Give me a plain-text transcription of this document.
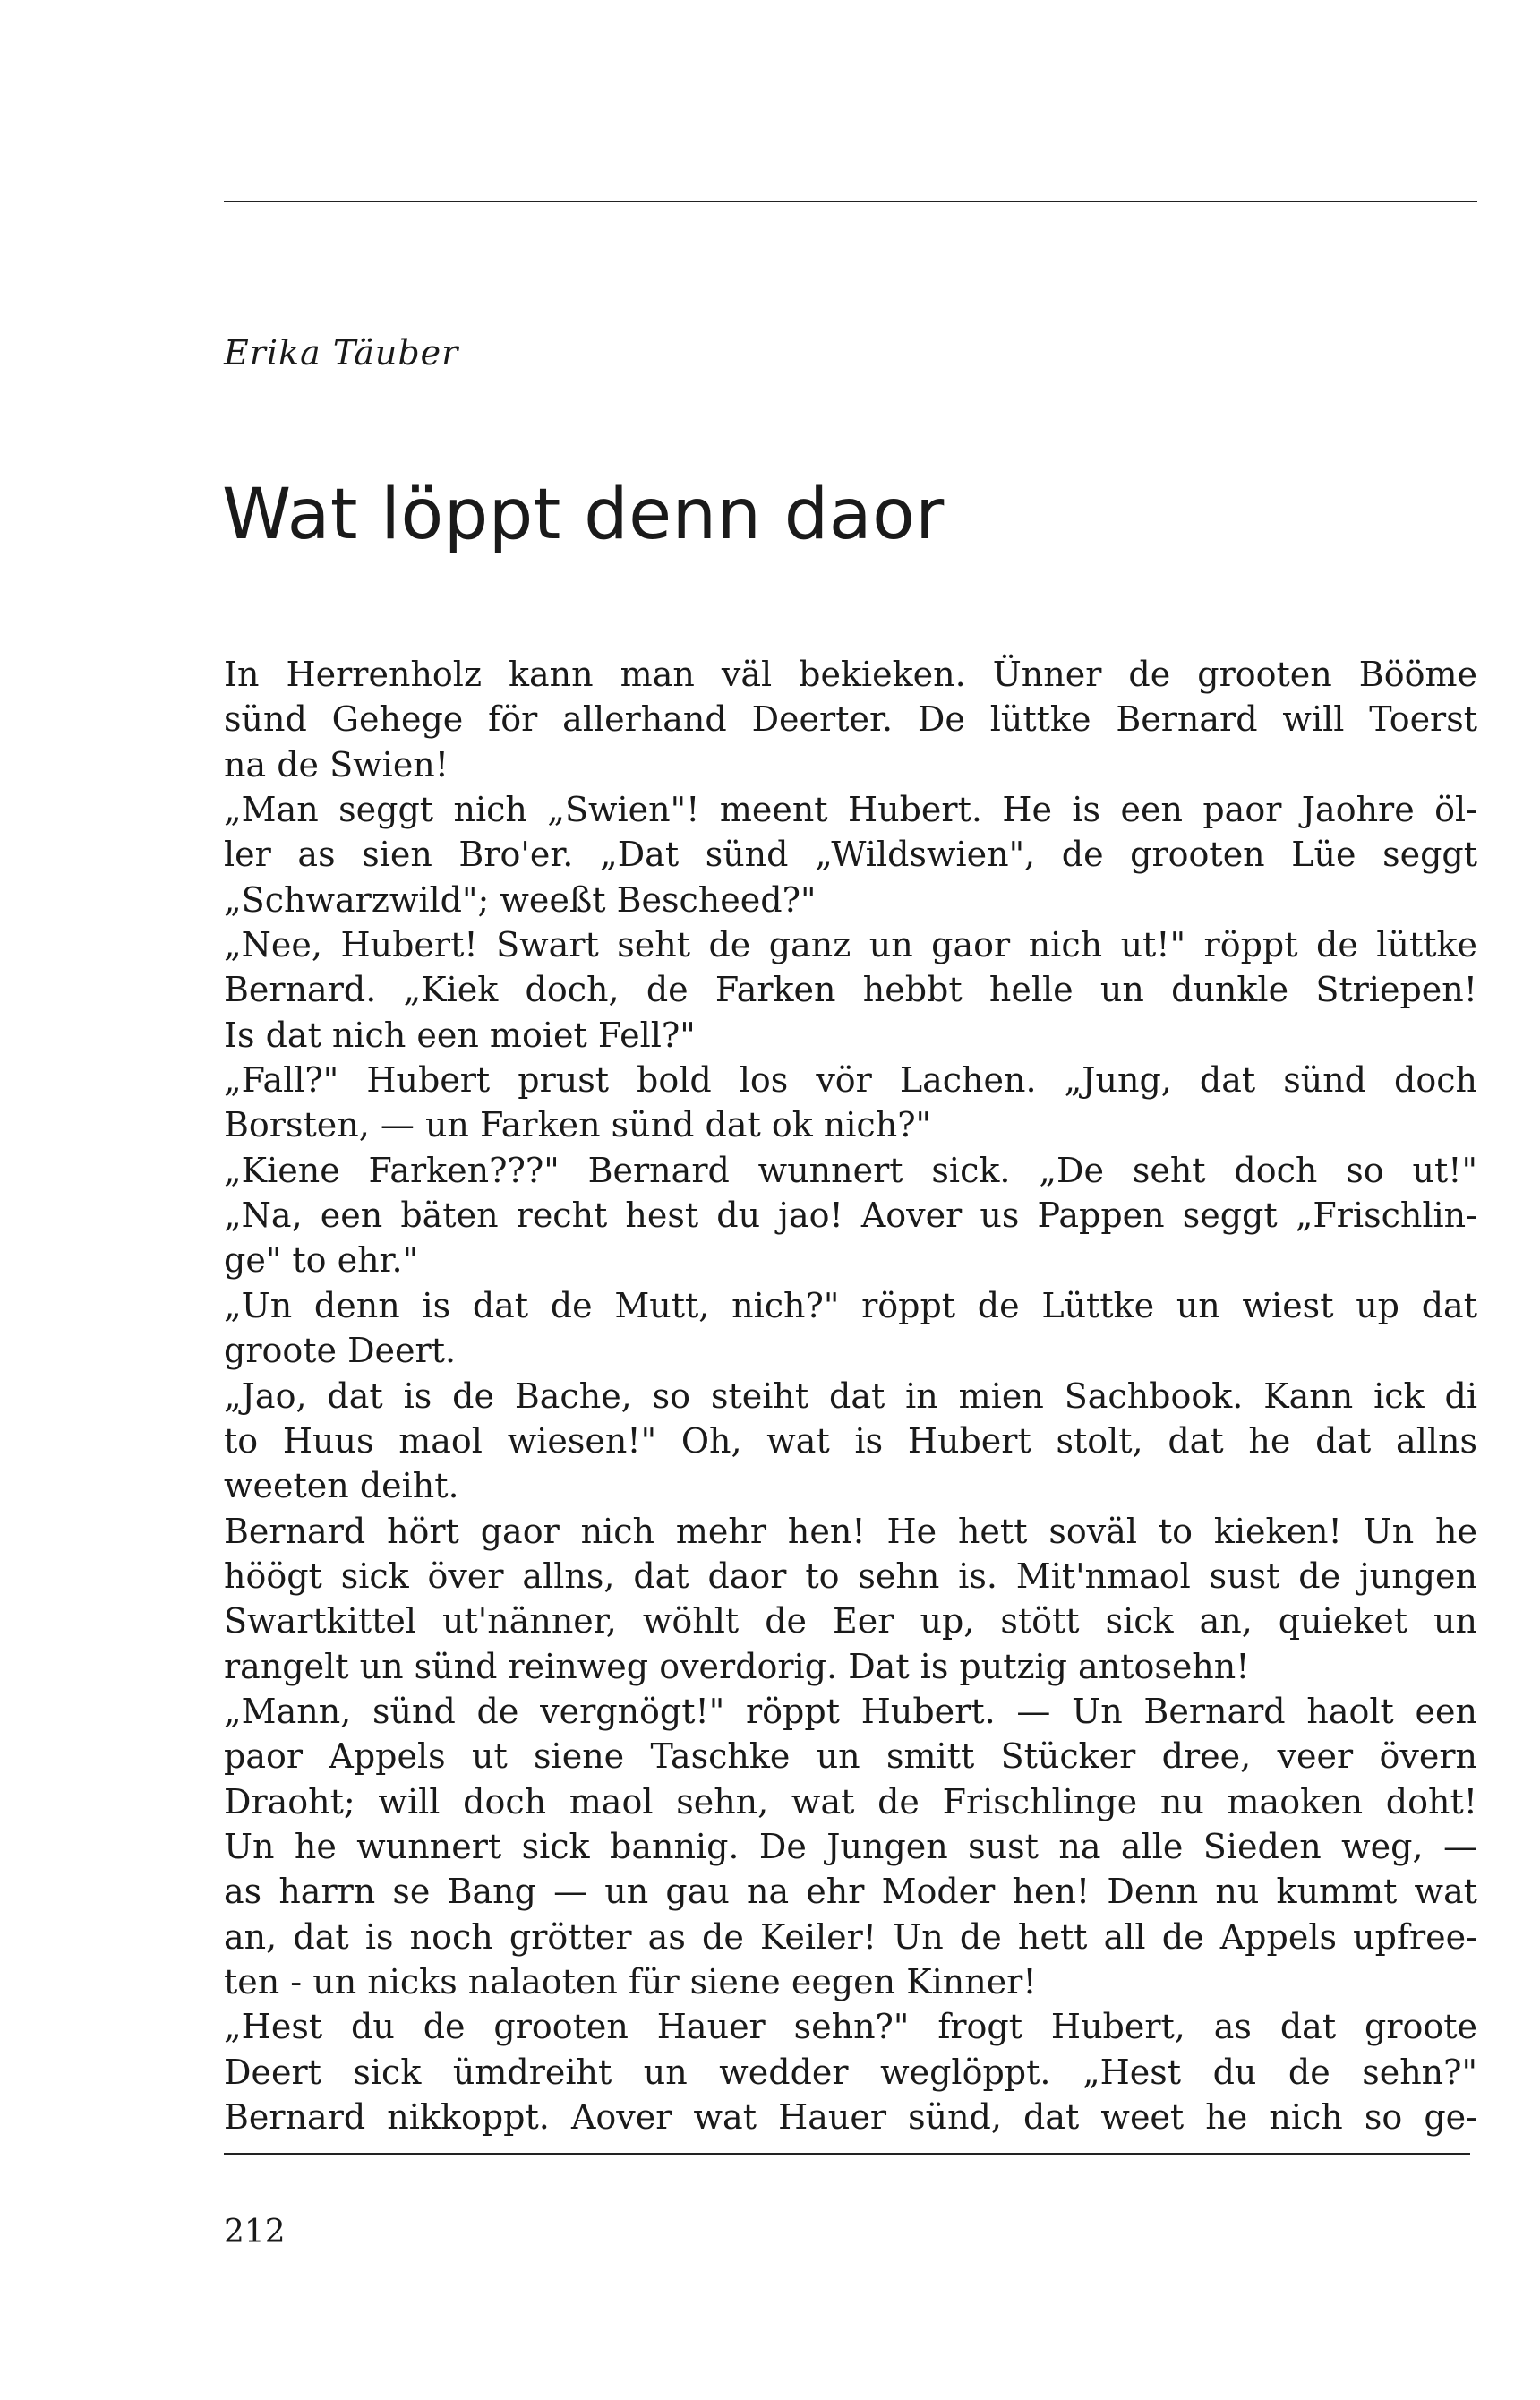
Erika Täuber

Wat löppt denn daor
In Herrenholz kann man väl bekieken. Ünner de grooten Bööme
sünd Gehege för allerhand Deerter. De lüttke Bernard will Toerst
na de Swien!
„Man seggt nich „Swien"! meent Hubert. He is een paor Jaohre öl-
ler as sien Bro'er. „Dat sünd „Wildswien", de grooten Lüe seggt
„Schwarzwild"; weeßt Bescheed?"
„Nee, Hubert! Swart seht de ganz un gaor nich ut!" röppt de lüttke
Bernard. „Kiek doch, de Farken hebbt helle un dunkle Striepen!
Is dat nich een moiet Fell?"
„Fall?" Hubert prust bold los vör Lachen. „Jung, dat sünd doch
Borsten, — un Farken sünd dat ok nich?"
„Kiene Farken???" Bernard wunnert sick. „De seht doch so ut!"
„Na, een bäten recht hest du jao! Aover us Pappen seggt „Frischlin-
ge" to ehr."
„Un denn is dat de Mutt, nich?" röppt de Lüttke un wiest up dat
groote Deert.
„Jao, dat is de Bache, so steiht dat in mien Sachbook. Kann ick di
to Huus maol wiesen!" Oh, wat is Hubert stolt, dat he dat allns
weeten deiht.
Bernard hört gaor nich mehr hen! He hett soväl to kieken! Un he
höögt sick över allns, dat daor to sehn is. Mit'nmaol sust de jungen
Swartkittel ut'nänner, wöhlt de Eer up, stött sick an, quieket un
rangelt un sünd reinweg overdorig. Dat is putzig antosehn!
„Mann, sünd de vergnögt!" röppt Hubert. — Un Bernard haolt een
paor Appels ut siene Taschke un smitt Stücker dree, veer övern
Draoht; will doch maol sehn, wat de Frischlinge nu maoken doht!
Un he wunnert sick bannig. De Jungen sust na alle Sieden weg, —
as harrn se Bang — un gau na ehr Moder hen! Denn nu kummt wat
an, dat is noch grötter as de Keiler! Un de hett all de Appels upfree-
ten - un nicks nalaoten für siene eegen Kinner!
„Hest du de grooten Hauer sehn?" frogt Hubert, as dat groote
Deert sick ümdreiht un wedder weglöppt. „Hest du de sehn?"
Bernard nikkoppt. Aover wat Hauer sünd, dat weet he nich so ge-

212
